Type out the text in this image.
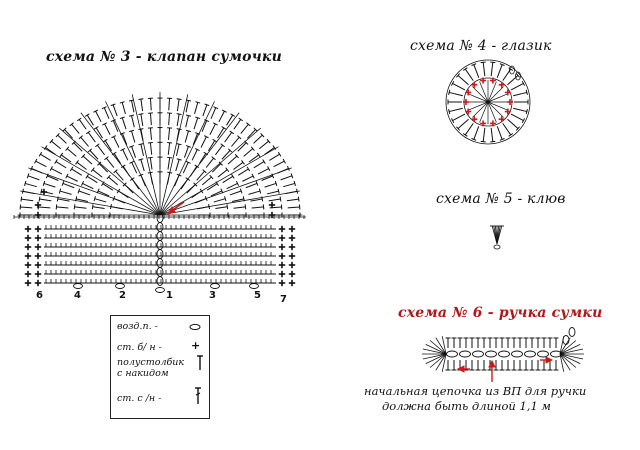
схема № 3 - клапан сумочки
схема № 4 - глазик
схема № 5 - клюв
схема № 6 - ручка сумки
6	4	2	1	3	5 7
возд.п. -
ст. б/ н -	+
полустолбик
с накидом
ст. с /н -
начальная цепочка из ВП для ручки
должна быть длиной 1,1 м
